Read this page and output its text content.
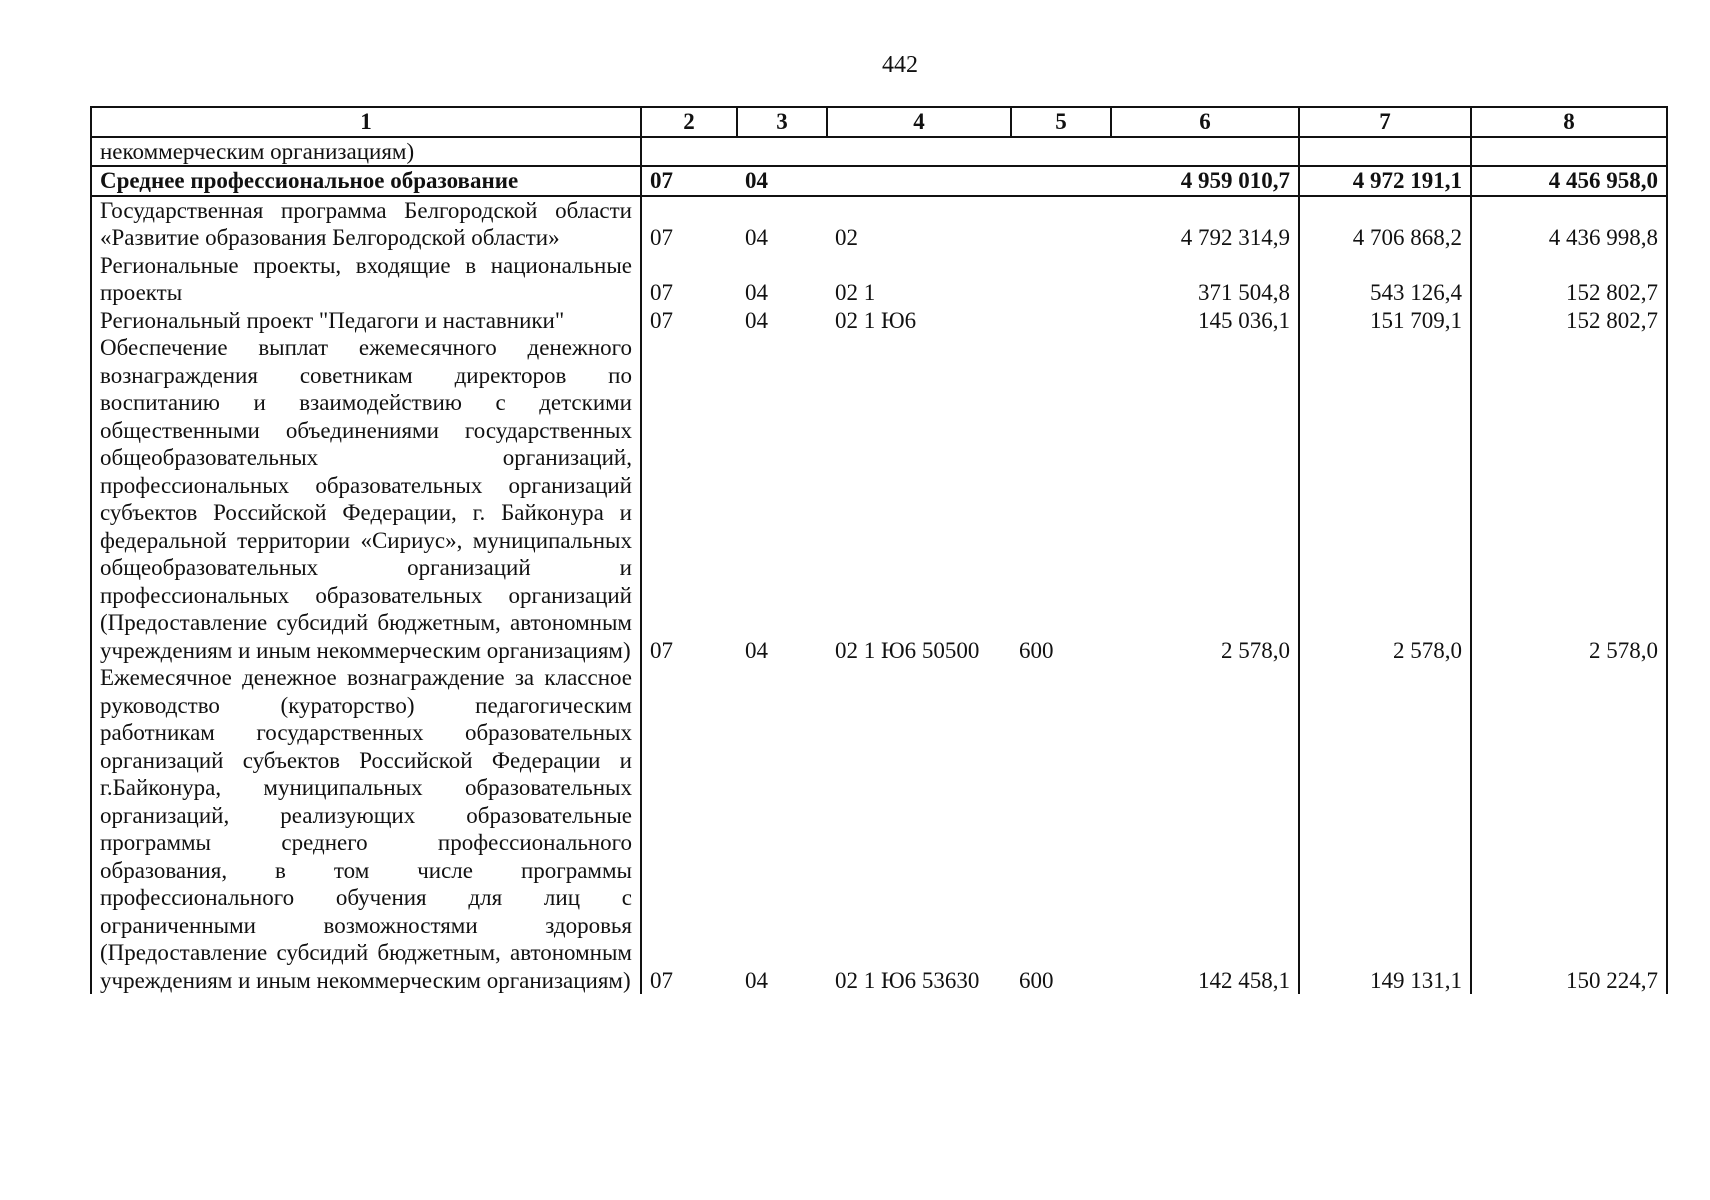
442
1	2	3	4	5	6	7	8
некоммерческим организациям)							
Среднее профессиональное образование	07	04			4 959 010,7	4 972 191,1	4 456 958,0
Государственная программа Белгородской области «Развитие образования Белгородской области»	07	04	02		4 792 314,9	4 706 868,2	4 436 998,8
Региональные проекты, входящие в национальные проекты	07	04	02 1		371 504,8	543 126,4	152 802,7
Региональный проект "Педагоги и наставники"	07	04	02 1 Ю6		145 036,1	151 709,1	152 802,7
Обеспечение выплат ежемесячного денежного вознаграждения советникам директоров по воспитанию и взаимодействию с детскими общественными объединениями государственных общеобразовательных организаций, профессиональных образовательных организаций субъектов Российской Федерации, г. Байконура и федеральной территории «Сириус», муниципальных общеобразовательных организаций и профессиональных образовательных организаций (Предоставление субсидий бюджетным, автономным учреждениям и иным некоммерческим организациям)	07	04	02 1 Ю6 50500	600	2 578,0	2 578,0	2 578,0
Ежемесячное денежное вознаграждение за классное руководство (кураторство) педагогическим работникам государственных образовательных организаций субъектов Российской Федерации и г.Байконура, муниципальных образовательных организаций, реализующих образовательные программы среднего профессионального образования, в том числе программы профессионального обучения для лиц с ограниченными возможностями здоровья (Предоставление субсидий бюджетным, автономным учреждениям и иным некоммерческим организациям)	07	04	02 1 Ю6 53630	600	142 458,1	149 131,1	150 224,7
